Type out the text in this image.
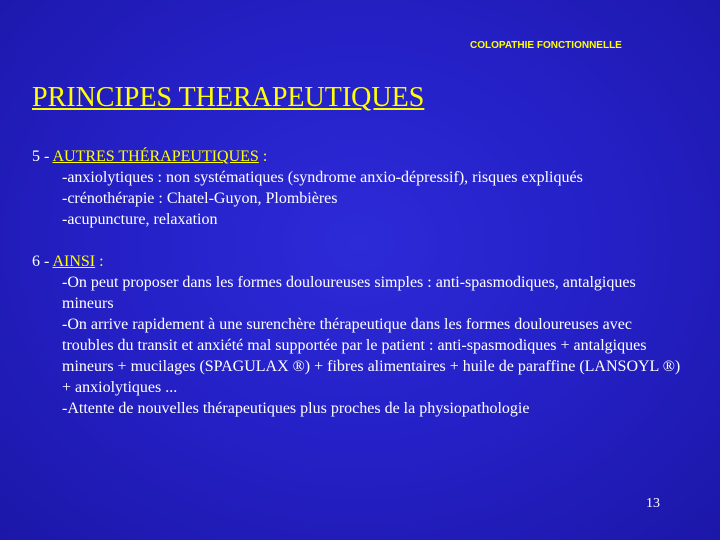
COLOPATHIE FONCTIONNELLE
PRINCIPES THERAPEUTIQUES
5 - AUTRES THÉRAPEUTIQUES :
-anxiolytiques : non systématiques (syndrome anxio-dépressif), risques expliqués
-crénothérapie : Chatel-Guyon, Plombières
-acupuncture, relaxation
6 - AINSI :
-On peut proposer dans les formes douloureuses simples : anti-spasmodiques, antalgiques mineurs
-On arrive rapidement à une surenchère thérapeutique dans les formes douloureuses avec troubles du transit et anxiété mal supportée par le patient : anti-spasmodiques + antalgiques mineurs + mucilages (SPAGULAX ®) + fibres alimentaires + huile de paraffine (LANSOYL ®) + anxiolytiques ...
-Attente de nouvelles thérapeutiques plus proches de la physiopathologie
13
